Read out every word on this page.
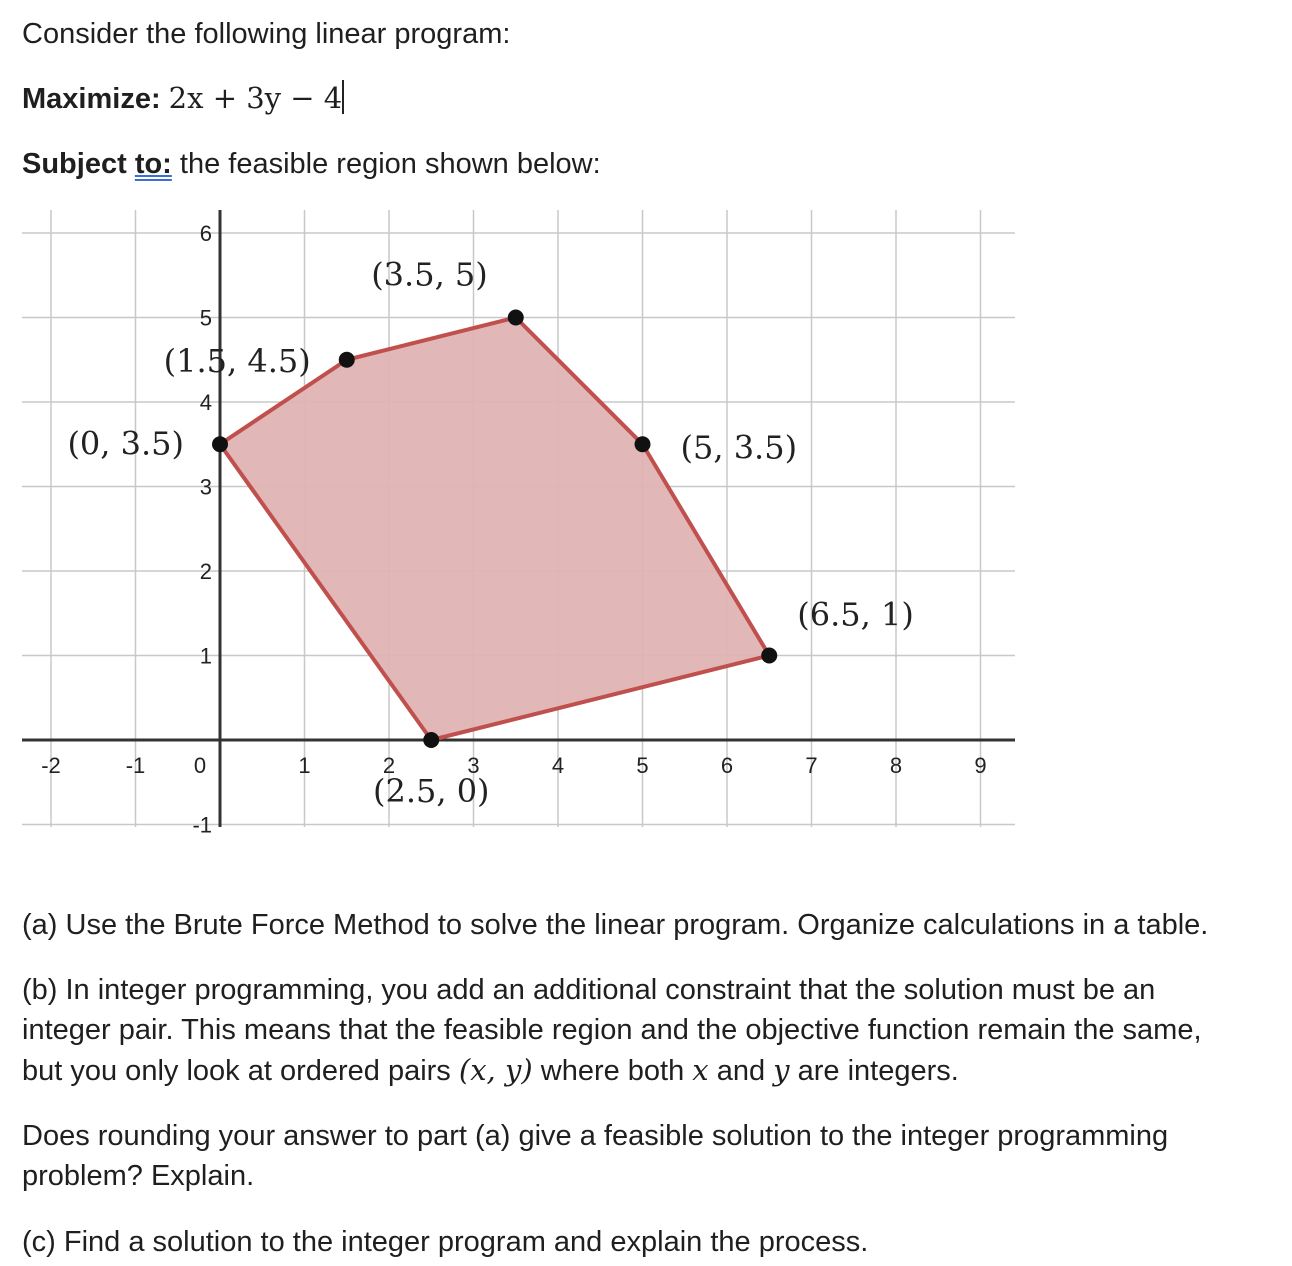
Consider the following linear program:
Maximize: 2x + 3y − 4
Subject to: the feasible region shown below:
-2	-1 0	1	2	3	4	5	6	7	8	9
6
5
4
3
2
1
-1
(0, 3.5)
(1.5, 4.5)
(3.5, 5)
(5, 3.5)
(6.5, 1)
(2.5, 0)
(a) Use the Brute Force Method to solve the linear program. Organize calculations in a table.
(b) In integer programming, you add an additional constraint that the solution must be an
integer pair. This means that the feasible region and the objective function remain the same,
but you only look at ordered pairs (x, y) where both x and y are integers.
Does rounding your answer to part (a) give a feasible solution to the integer programming
problem? Explain.
(c) Find a solution to the integer program and explain the process.
